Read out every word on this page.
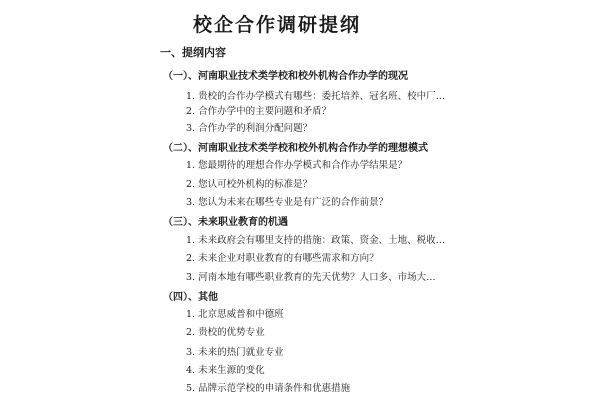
校企合作调研提纲
一、提纲内容
（一）、河南职业技术类学校和校外机构合作办学的现况
1. 贵校的合作办学模式有哪些：委托培养、冠名班、校中厂…
2. 合作办学中的主要问题和矛盾？
3. 合作办学的利润分配问题？
（二）、河南职业技术类学校和校外机构合作办学的理想模式
1. 您最期待的理想合作办学模式和合作办学结果是？
2. 您认可校外机构的标准是？
3. 您认为未来在哪些专业是有广泛的合作前景？
（三）、未来职业教育的机遇
1. 未来政府会有哪里支持的措施：政策、资金、土地、税收…
2. 未来企业对职业教育的有哪些需求和方向？
3. 河南本地有哪些职业教育的先天优势？人口多、市场大…
（四）、其他
1. 北京思威普和中德班
2. 贵校的优势专业
3. 未来的热门就业专业
4. 未来生源的变化
5. 品牌示范学校的申请条件和优惠措施
